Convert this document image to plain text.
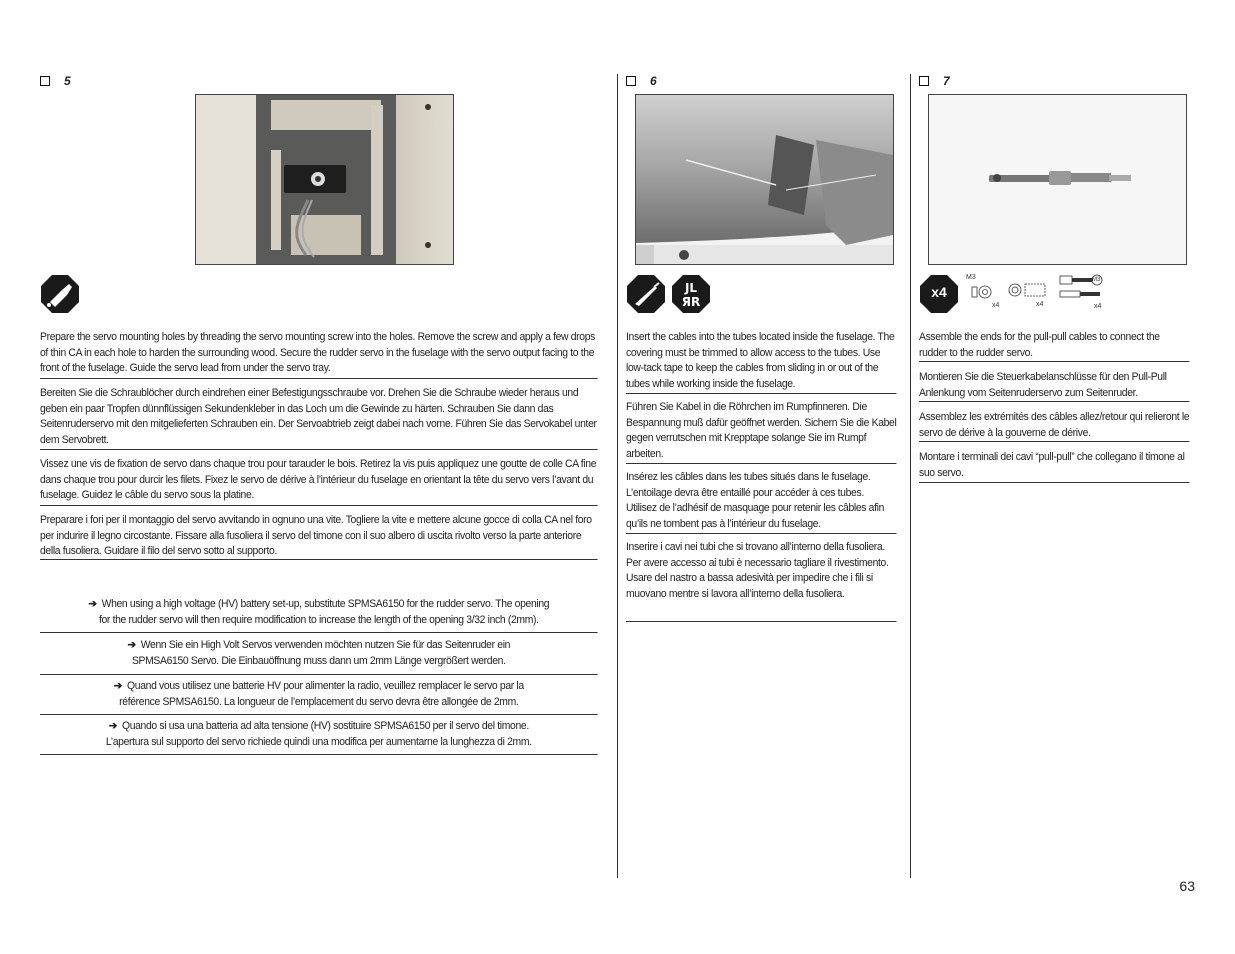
5
Prepare the servo mounting holes by threading the servo mounting screw into the holes. Remove the screw and apply a few drops of thin CA in each hole to harden the surrounding wood. Secure the rudder servo in the fuselage with the servo output facing to the front of the fuselage. Guide the servo lead from under the servo tray.
Bereiten Sie die Schraublöcher durch eindrehen einer Befestigungsschraube vor. Drehen Sie die Schraube wieder heraus und geben ein paar Tropfen dünnflüssigen Sekundenkleber in das Loch um die Gewinde zu härten. Schrauben Sie dann das Seitenruderservo mit den mitgelieferten Schrauben ein. Der Servoabtrieb zeigt dabei nach vorne. Führen Sie das Servokabel unter dem Servobrett.
Vissez une vis de fixation de servo dans chaque trou pour tarauder le bois. Retirez la vis puis appliquez une goutte de colle CA fine dans chaque trou pour durcir les filets. Fixez le servo de dérive à l’intérieur du fuselage en orientant la tête du servo vers l’avant du fuselage. Guidez le câble du servo sous la platine.
Preparare i fori per il montaggio del servo avvitando in ognuno una vite. Togliere la vite e mettere alcune gocce di colla CA nel foro per indurire il legno circostante. Fissare alla fusoliera il servo del timone con il suo albero di uscita rivolto verso la parte anteriore della fusoliera. Guidare il filo del servo sotto al supporto.
➔ When using a high voltage (HV) battery set-up, substitute SPMSA6150 for the rudder servo. The opening
for the rudder servo will then require modification to increase the length of the opening 3/32 inch (2mm).
➔ Wenn Sie ein High Volt Servos verwenden möchten nutzen Sie für das Seitenruder ein
SPMSA6150 Servo. Die Einbauöffnung muss dann um 2mm Länge vergrößert werden.
➔ Quand vous utilisez une batterie HV pour alimenter la radio, veuillez remplacer le servo par la
référence SPMSA6150. La longueur de l’emplacement du servo devra être allongée de 2mm.
➔ Quando si usa una batteria ad alta tensione (HV) sostituire SPMSA6150 per il servo del timone.
L’apertura sul supporto del servo richiede quindi una modifica per aumentarne la lunghezza di 2mm.
6
JL
ЯR
Insert the cables into the tubes located inside the fuselage. The covering must be trimmed to allow access to the tubes. Use low-tack tape to keep the cables from sliding in or out of the tubes while working inside the fuselage.
Führen Sie Kabel in die Röhrchen im Rumpfinneren. Die Bespannung muß dafür geöffnet werden. Sichern Sie die Kabel gegen verrutschen mit Krepptape solange Sie im Rumpf arbeiten.
Insérez les câbles dans les tubes situés dans le fuselage. L’entoilage devra être entaillé pour accéder à ces tubes. Utilisez de l’adhésif de masquage pour retenir les câbles afin qu’ils ne tombent pas à l’intérieur du fuselage.
Inserire i cavi nei tubi che si trovano all’interno della fusoliera. Per avere accesso ai tubi è necessario tagliare il rivestimento. Usare del nastro a bassa adesività per impedire che i fili si muovano mentre si lavora all’interno della fusoliera.
7
x4
M3
x4	x4	x4
M3
Assemble the ends for the pull-pull cables to connect the rudder to the rudder servo.
Montieren Sie die Steuerkabelanschlüsse für den Pull-Pull Anlenkung vom Seitenruderservo zum Seitenruder.
Assemblez les extrémités des câbles allez/retour qui relieront le servo de dérive à la gouverne de dérive.
Montare i terminali dei cavi “pull-pull” che collegano il timone al suo servo.
63
